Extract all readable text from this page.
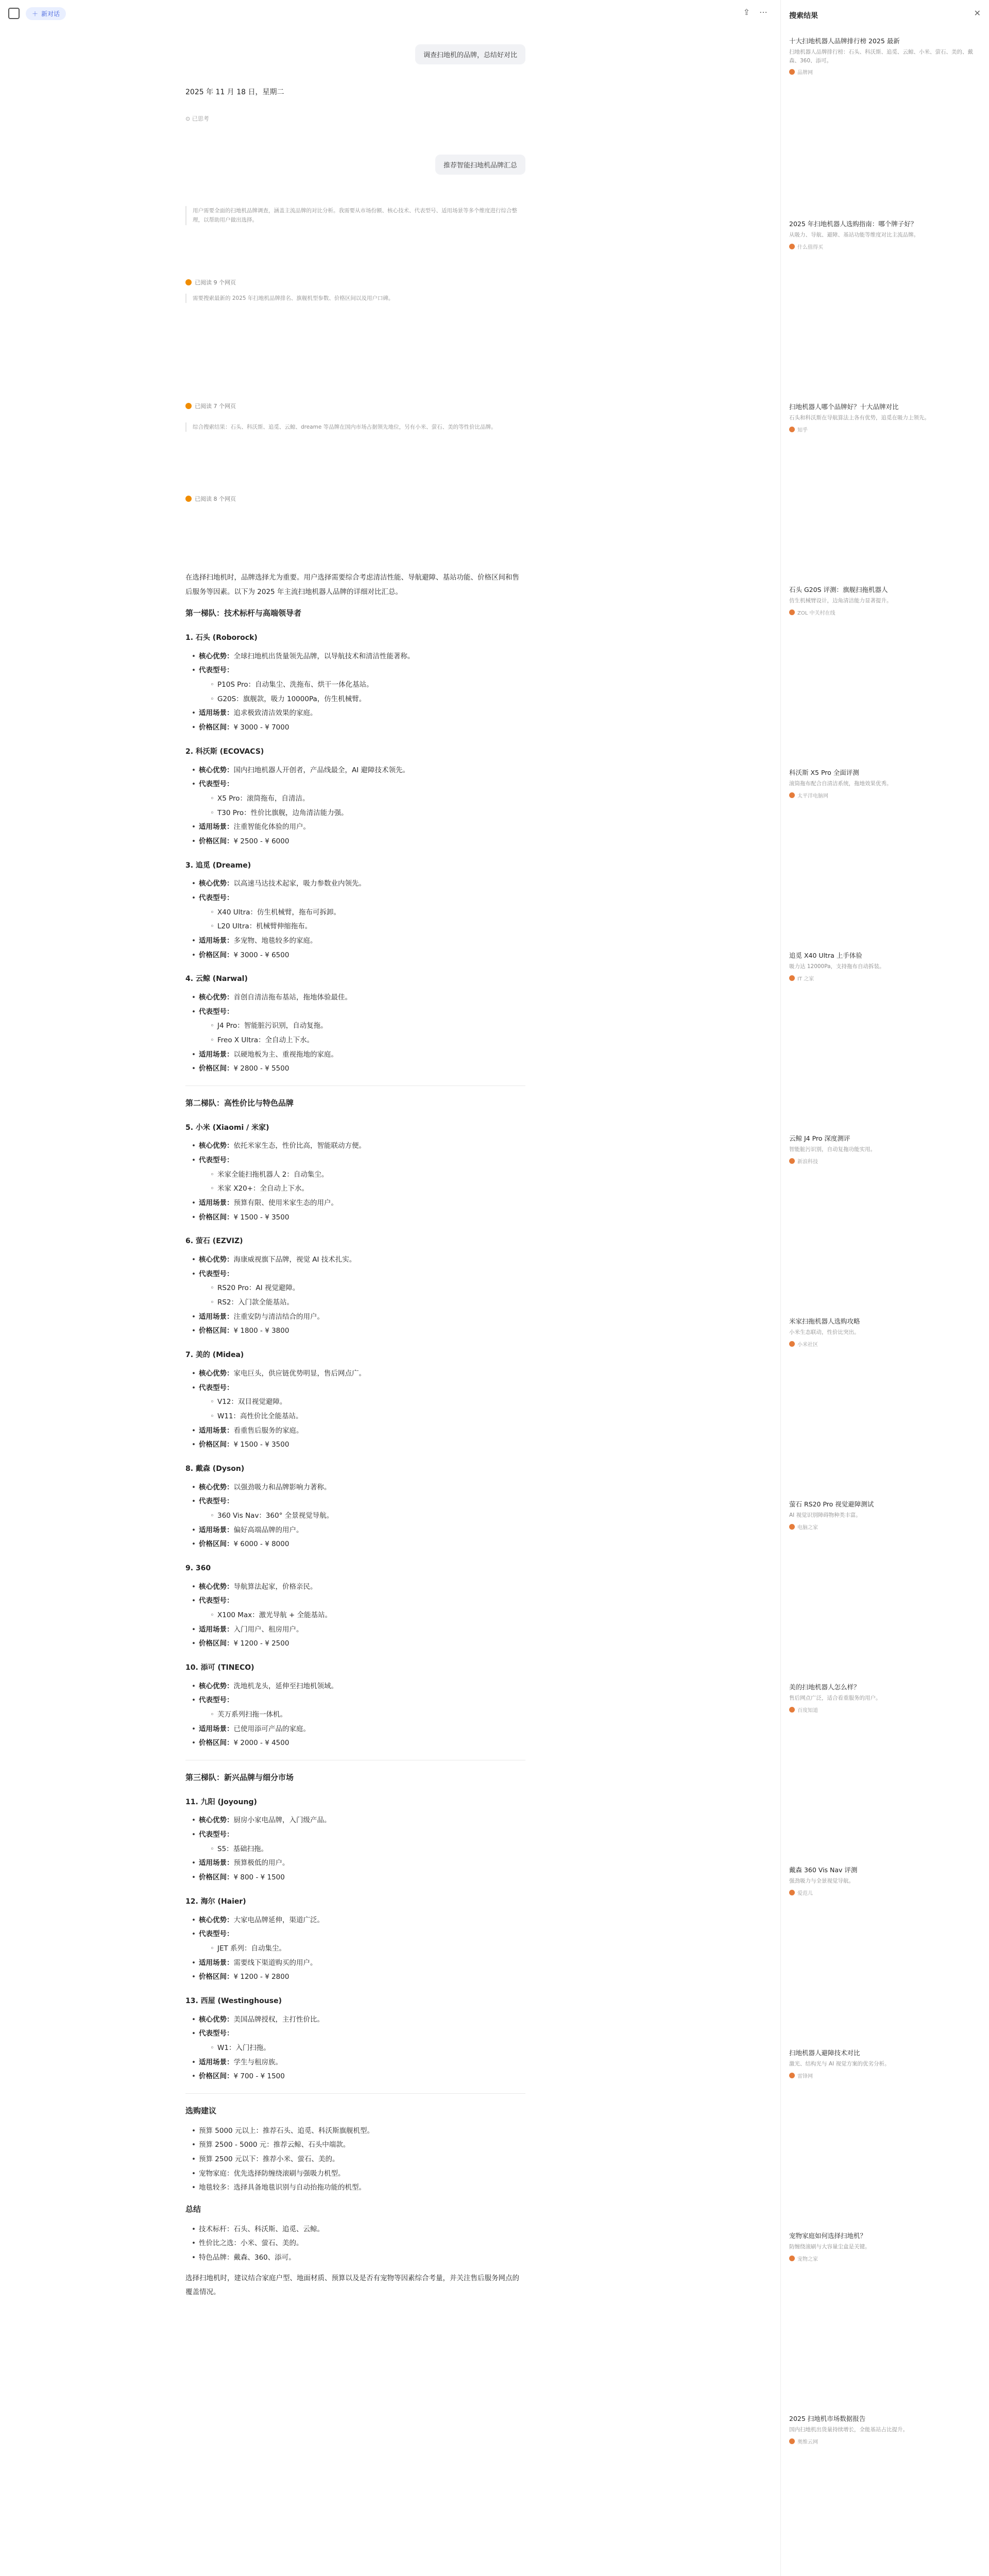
＋ 新对话	⇪ ⋯
调查扫地机的品牌，总结好对比
2025 年 11 月 18 日，星期二
⊙ 已思考
推荐智能扫地机品牌汇总
用户需要全面的扫地机品牌调查，涵盖主流品牌的对比分析。我需要从市场份额、核心技术、代表型号、适用场景等多个维度进行综合整理，以帮助用户做出选择。
已阅读 9 个网页
需要搜索最新的 2025 年扫地机品牌排名、旗舰机型参数、价格区间以及用户口碑。
已阅读 7 个网页
综合搜索结果：石头、科沃斯、追觅、云鲸、dreame 等品牌在国内市场占据领先地位，另有小米、萤石、美的等性价比品牌。
已阅读 8 个网页

在选择扫地机时，品牌选择尤为重要。用户选择需要综合考虑清洁性能、导航避障、基站功能、价格区间和售后服务等因素。以下为 2025 年主流扫地机器人品牌的详细对比汇总。

第一梯队：技术标杆与高端领导者
1. 石头 (Roborock)
• 核心优势：全球扫地机出货量领先品牌，以导航技术和清洁性能著称。
• 代表型号：
◦ P10S Pro：自动集尘、洗拖布、烘干一体化基站。
◦ G20S：旗舰款，吸力 10000Pa，仿生机械臂。
• 适用场景：追求极致清洁效果的家庭。
• 价格区间：¥ 3000 - ¥ 7000
2. 科沃斯 (ECOVACS)
• 核心优势：国内扫地机器人开创者，产品线最全，AI 避障技术领先。
• 代表型号：
◦ X5 Pro：滚筒拖布，自清洁。
◦ T30 Pro：性价比旗舰，边角清洁能力强。
• 适用场景：注重智能化体验的用户。
• 价格区间：¥ 2500 - ¥ 6000
3. 追觅 (Dreame)
• 核心优势：以高速马达技术起家，吸力参数业内领先。
• 代表型号：
◦ X40 Ultra：仿生机械臂，拖布可拆卸。
◦ L20 Ultra：机械臂伸缩拖布。
• 适用场景：多宠物、地毯较多的家庭。
• 价格区间：¥ 3000 - ¥ 6500
4. 云鲸 (Narwal)
• 核心优势：首创自清洁拖布基站，拖地体验最佳。
• 代表型号：
◦ J4 Pro：智能脏污识别，自动复拖。
◦ Freo X Ultra：全自动上下水。
• 适用场景：以硬地板为主、重视拖地的家庭。
• 价格区间：¥ 2800 - ¥ 5500
第二梯队：高性价比与特色品牌
5. 小米 (Xiaomi / 米家)
• 核心优势：依托米家生态，性价比高，智能联动方便。
• 代表型号：
◦ 米家全能扫拖机器人 2：自动集尘。
◦ 米家 X20+：全自动上下水。
• 适用场景：预算有限、使用米家生态的用户。
• 价格区间：¥ 1500 - ¥ 3500
6. 萤石 (EZVIZ)
• 核心优势：海康威视旗下品牌，视觉 AI 技术扎实。
• 代表型号：
◦ RS20 Pro：AI 视觉避障。
◦ RS2：入门款全能基站。
• 适用场景：注重安防与清洁结合的用户。
• 价格区间：¥ 1800 - ¥ 3800
7. 美的 (Midea)
• 核心优势：家电巨头，供应链优势明显，售后网点广。
• 代表型号：
◦ V12：双目视觉避障。
◦ W11：高性价比全能基站。
• 适用场景：看重售后服务的家庭。
• 价格区间：¥ 1500 - ¥ 3500
8. 戴森 (Dyson)
• 核心优势：以强劲吸力和品牌影响力著称。
• 代表型号：
◦ 360 Vis Nav：360° 全景视觉导航。
• 适用场景：偏好高端品牌的用户。
• 价格区间：¥ 6000 - ¥ 8000
9. 360
• 核心优势：导航算法起家，价格亲民。
• 代表型号：
◦ X100 Max：激光导航 + 全能基站。
• 适用场景：入门用户、租房用户。
• 价格区间：¥ 1200 - ¥ 2500
10. 添可 (TINECO)
• 核心优势：洗地机龙头，延伸至扫地机领域。
• 代表型号：
◦ 芙万系列扫拖一体机。
• 适用场景：已使用添可产品的家庭。
• 价格区间：¥ 2000 - ¥ 4500
第三梯队：新兴品牌与细分市场
11. 九阳 (Joyoung)
• 核心优势：厨房小家电品牌，入门级产品。
• 代表型号：
◦ S5：基础扫拖。
• 适用场景：预算极低的用户。
• 价格区间：¥ 800 - ¥ 1500
12. 海尔 (Haier)
• 核心优势：大家电品牌延伸，渠道广泛。
• 代表型号：
◦ JET 系列：自动集尘。
• 适用场景：需要线下渠道购买的用户。
• 价格区间：¥ 1200 - ¥ 2800
13. 西屋 (Westinghouse)
• 核心优势：美国品牌授权，主打性价比。
• 代表型号：
◦ W1：入门扫拖。
• 适用场景：学生与租房族。
• 价格区间：¥ 700 - ¥ 1500
选购建议
• 预算 5000 元以上：推荐石头、追觅、科沃斯旗舰机型。
• 预算 2500 - 5000 元：推荐云鲸、石头中端款。
• 预算 2500 元以下：推荐小米、萤石、美的。
• 宠物家庭：优先选择防缠绕滚刷与强吸力机型。
• 地毯较多：选择具备地毯识别与自动抬拖功能的机型。
总结
• 技术标杆：石头、科沃斯、追觅、云鲸。
• 性价比之选：小米、萤石、美的。
• 特色品牌：戴森、360、添可。

选择扫地机时，建议结合家庭户型、地面材质、预算以及是否有宠物等因素综合考量，并关注售后服务网点的覆盖情况。

搜索结果	✕
十大扫地机器人品牌排行榜 2025 最新
扫地机器人品牌排行榜：石头、科沃斯、追觅、云鲸、小米、萤石、美的、戴森、360、添可。
品牌网
2025 年扫地机器人选购指南：哪个牌子好？
从吸力、导航、避障、基站功能等维度对比主流品牌。
什么值得买
扫地机器人哪个品牌好？十大品牌对比
石头和科沃斯在导航算法上各有优势，追觅在吸力上领先。
知乎
石头 G20S 评测：旗舰扫拖机器人
仿生机械臂设计，边角清洁能力显著提升。
ZOL 中关村在线
科沃斯 X5 Pro 全面评测
滚筒拖布配合自清洁系统，拖地效果优秀。
太平洋电脑网
追觅 X40 Ultra 上手体验
吸力达 12000Pa，支持拖布自动拆装。
IT 之家
云鲸 J4 Pro 深度测评
智能脏污识别，自动复拖功能实用。
新浪科技
米家扫拖机器人选购攻略
小米生态联动，性价比突出。
小米社区
萤石 RS20 Pro 视觉避障测试
AI 视觉识别障碍物种类丰富。
电脑之家
美的扫地机器人怎么样？
售后网点广泛，适合看重服务的用户。
百度知道
戴森 360 Vis Nav 评测
强劲吸力与全景视觉导航。
爱范儿
扫地机器人避障技术对比
激光、结构光与 AI 视觉方案的优劣分析。
雷锋网
宠物家庭如何选择扫地机？
防缠绕滚刷与大容量尘盒是关键。
宠物之家
2025 扫地机市场数据报告
国内扫地机出货量持续增长，全能基站占比提升。
奥维云网
